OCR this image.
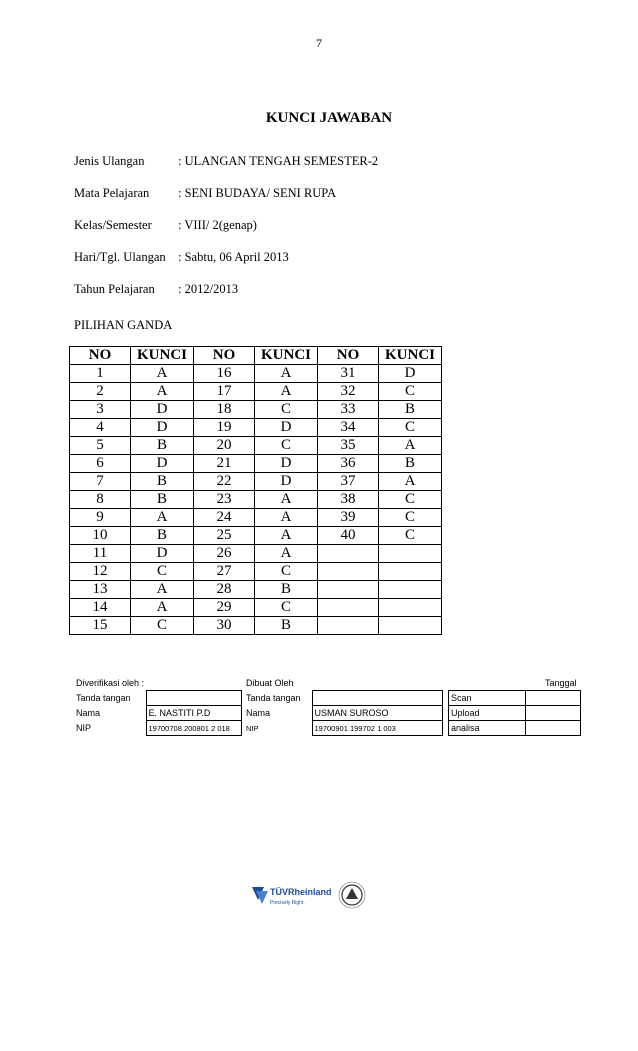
7
KUNCI JAWABAN
Jenis Ulangan	: ULANGAN TENGAH SEMESTER-2
Mata Pelajaran : SENI BUDAYA/ SENI RUPA
Kelas/Semester : VIII/ 2(genap)
Hari/Tgl. Ulangan : Sabtu, 06 April 2013
Tahun Pelajaran : 2012/2013
PILIHAN GANDA
NO	KUNCI	NO	KUNCI	NO	KUNCI
1	A	16	A	31	D
2	A	17	A	32	C
3	D	18	C	33	B
4	D	19	D	34	C
5	B	20	C	35	A
6	D	21	D	36	B
7	B	22	D	37	A
8	B	23	A	38	C
9	A	24	A	39	C
10	B	25	A	40	C
11	D	26	A		
12	C	27	C		
13	A	28	B		
14	A	29	C		
15	C	30	B		
Diverifikasi oleh :	
Tanda tangan	
Nama	E. NASTITI P.D
NIP	19700708 200801 2 018
Dibuat Oleh	
Tanda tangan	
Nama	USMAN SUROSO
NIP	19700901 199702 1 003
Tanggal	
Scan	
Upload	
analisa	
TÜVRheinland
Precisely Right.
